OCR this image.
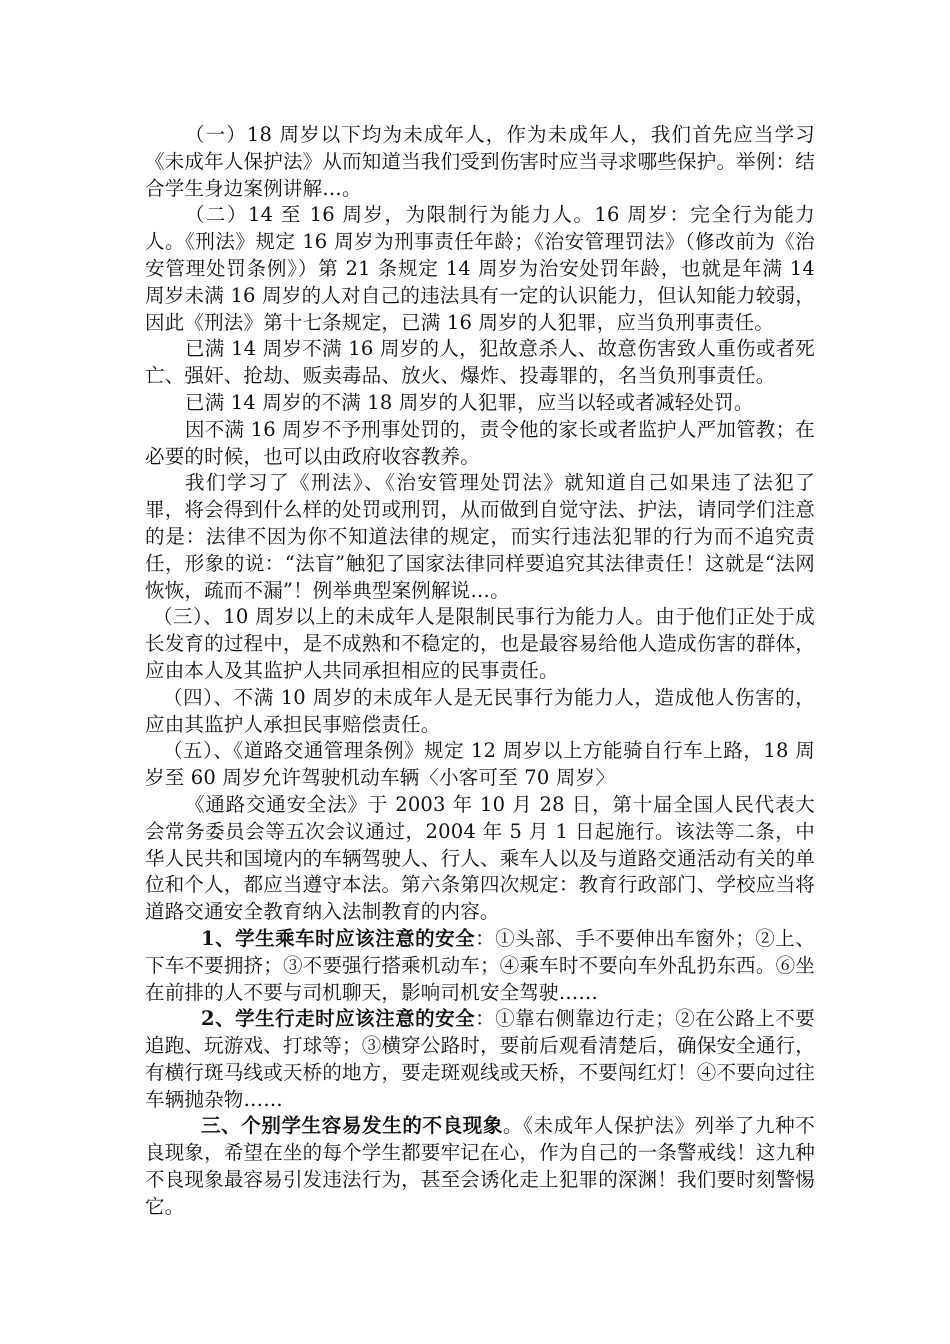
（一）18 周岁以下均为未成年人，作为未成年人，我们首先应当学习《未成年人保护法》从而知道当我们受到伤害时应当寻求哪些保护。举例：结合学生身边案例讲解…。

（二）14 至 16 周岁，为限制行为能力人。16 周岁：完全行为能力人。《刑法》规定 16 周岁为刑事责任年龄；《治安管理罚法》（修改前为《治安管理处罚条例》）第 21 条规定 14 周岁为治安处罚年龄，也就是年满 14 周岁未满 16 周岁的人对自己的违法具有一定的认识能力，但认知能力较弱，因此《刑法》第十七条规定，已满 16 周岁的人犯罪，应当负刑事责任。

已满 14 周岁不满 16 周岁的人，犯故意杀人、故意伤害致人重伤或者死亡、强奸、抢劫、贩卖毒品、放火、爆炸、投毒罪的，名当负刑事责任。

已满 14 周岁的不满 18 周岁的人犯罪，应当以轻或者减轻处罚。

因不满 16 周岁不予刑事处罚的，责令他的家长或者监护人严加管教；在必要的时候，也可以由政府收容教养。

我们学习了《刑法》、《治安管理处罚法》就知道自己如果违了法犯了罪，将会得到什么样的处罚或刑罚，从而做到自觉守法、护法，请同学们注意的是：法律不因为你不知道法律的规定，而实行违法犯罪的行为而不追究责任，形象的说：“法盲”触犯了国家法律同样要追究其法律责任！这就是“法网恢恢，疏而不漏”！例举典型案例解说…。

（三）、10 周岁以上的未成年人是限制民事行为能力人。由于他们正处于成长发育的过程中，是不成熟和不稳定的，也是最容易给他人造成伤害的群体，应由本人及其监护人共同承担相应的民事责任。

（四）、不满 10 周岁的未成年人是无民事行为能力人，造成他人伤害的，应由其监护人承担民事赔偿责任。

（五）、《道路交通管理条例》规定 12 周岁以上方能骑自行车上路，18 周岁至 60 周岁允许驾驶机动车辆〈小客可至 70 周岁〉

《通路交通安全法》于 2003 年 10 月 28 日，第十届全国人民代表大会常务委员会等五次会议通过，2004 年 5 月 1 日起施行。该法等二条，中华人民共和国境内的车辆驾驶人、行人、乘车人以及与道路交通活动有关的单位和个人，都应当遵守本法。第六条第四次规定：教育行政部门、学校应当将道路交通安全教育纳入法制教育的内容。

1、学生乘车时应该注意的安全：①头部、手不要伸出车窗外；②上、下车不要拥挤；③不要强行搭乘机动车；④乘车时不要向车外乱扔东西。⑥坐在前排的人不要与司机聊天，影响司机安全驾驶……

2、学生行走时应该注意的安全：①靠右侧靠边行走；②在公路上不要追跑、玩游戏、打球等；③横穿公路时，要前后观看清楚后，确保安全通行，有横行斑马线或天桥的地方，要走斑观线或天桥，不要闯红灯！④不要向过往车辆抛杂物……

三、个别学生容易发生的不良现象。《未成年人保护法》列举了九种不良现象，希望在坐的每个学生都要牢记在心，作为自己的一条警戒线！这九种不良现象最容易引发违法行为，甚至会诱化走上犯罪的深渊！我们要时刻警惕它。
